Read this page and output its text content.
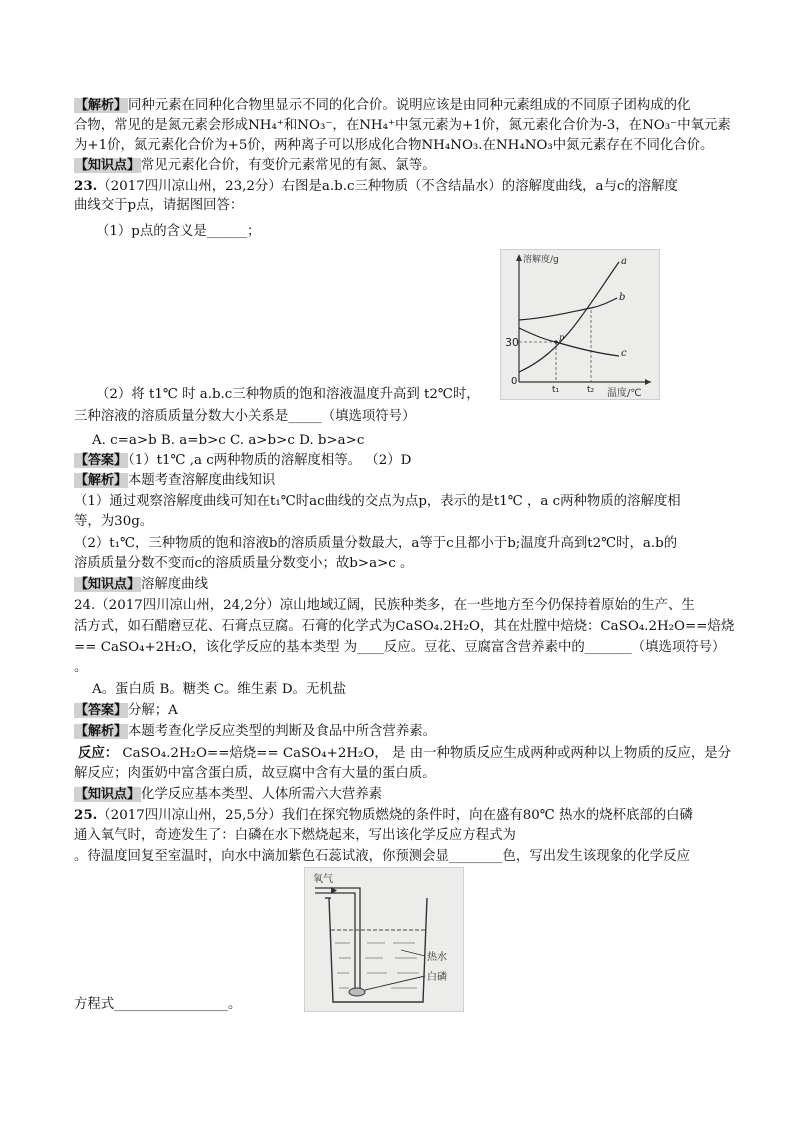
【解析】同种元素在同种化合物里显示不同的化合价。说明应该是由同种元素组成的不同原子团构成的化
合物，常见的是氮元素会形成NH₄⁺和NO₃⁻，在NH₄⁺中氢元素为+1价，氮元素化合价为-3，在NO₃⁻中氧元素
为+1价，氮元素化合价为+5价，两种离子可以形成化合物NH₄NO₃.在NH₄NO₃中氮元素存在不同化合价。
【知识点】常见元素化合价，有变价元素常见的有氮、氯等。
23.（2017四川凉山州，23,2分）右图是a.b.c三种物质（不含结晶水）的溶解度曲线，a与c的溶解度
曲线交于p点，请据图回答：
（1）p点的含义是______；
溶解度/g
温度/℃
30
0
t₁	t₂
a
b
c
p
（2）将 t1℃ 时 a.b.c三种物质的饱和溶液温度升高到 t2℃时，
三种溶液的溶质质量分数大小关系是_____（填选项符号）
A. c=a>b B. a=b>c C. a>b>c D. b>a>c
【答案】（1）t1℃ ,a c两种物质的溶解度相等。 （2）D
【解析】本题考查溶解度曲线知识
（1）通过观察溶解度曲线可知在t₁℃时ac曲线的交点为点p，表示的是t1℃ ，a c两种物质的溶解度相
等，为30g。
（2）t₁℃，三种物质的饱和溶液b的溶质质量分数最大，a等于c且都小于b;温度升高到t2℃时，a.b的
溶质质量分数不变而c的溶质质量分数变小；故b>a>c 。
【知识点】溶解度曲线
24.（2017四川凉山州，24,2分）凉山地域辽阔，民族种类多，在一些地方至今仍保持着原始的生产、生
活方式，如石醋磨豆花、石膏点豆腐。石膏的化学式为CaSO₄.2H₂O，其在灶膛中焙烧：CaSO₄.2H₂O==焙烧
== CaSO₄+2H₂O，该化学反应的基本类型 为____反应。豆花、豆腐富含营养素中的_______（填选项符号）
。
A。蛋白质 B。糖类 C。维生素 D。无机盐
【答案】分解；A
【解析】本题考查化学反应类型的判断及食品中所含营养素。
反应： CaSO₄.2H₂O==焙烧== CaSO₄+2H₂O， 是 由一种物质反应生成两种或两种以上物质的反应，是分
解反应；肉蛋奶中富含蛋白质，故豆腐中含有大量的蛋白质。
【知识点】化学反应基本类型、人体所需六大营养素
25.（2017四川凉山州，25,5分）我们在探究物质燃烧的条件时，向在盛有80℃ 热水的烧杯底部的白磷
通入氧气时，奇迹发生了：白磷在水下燃烧起来，写出该化学反应方程式为
。待温度回复至室温时，向水中滴加紫色石蕊试液，你预测会显________色，写出发生该现象的化学反应
氧气
热水
白磷
方程式_________________。
